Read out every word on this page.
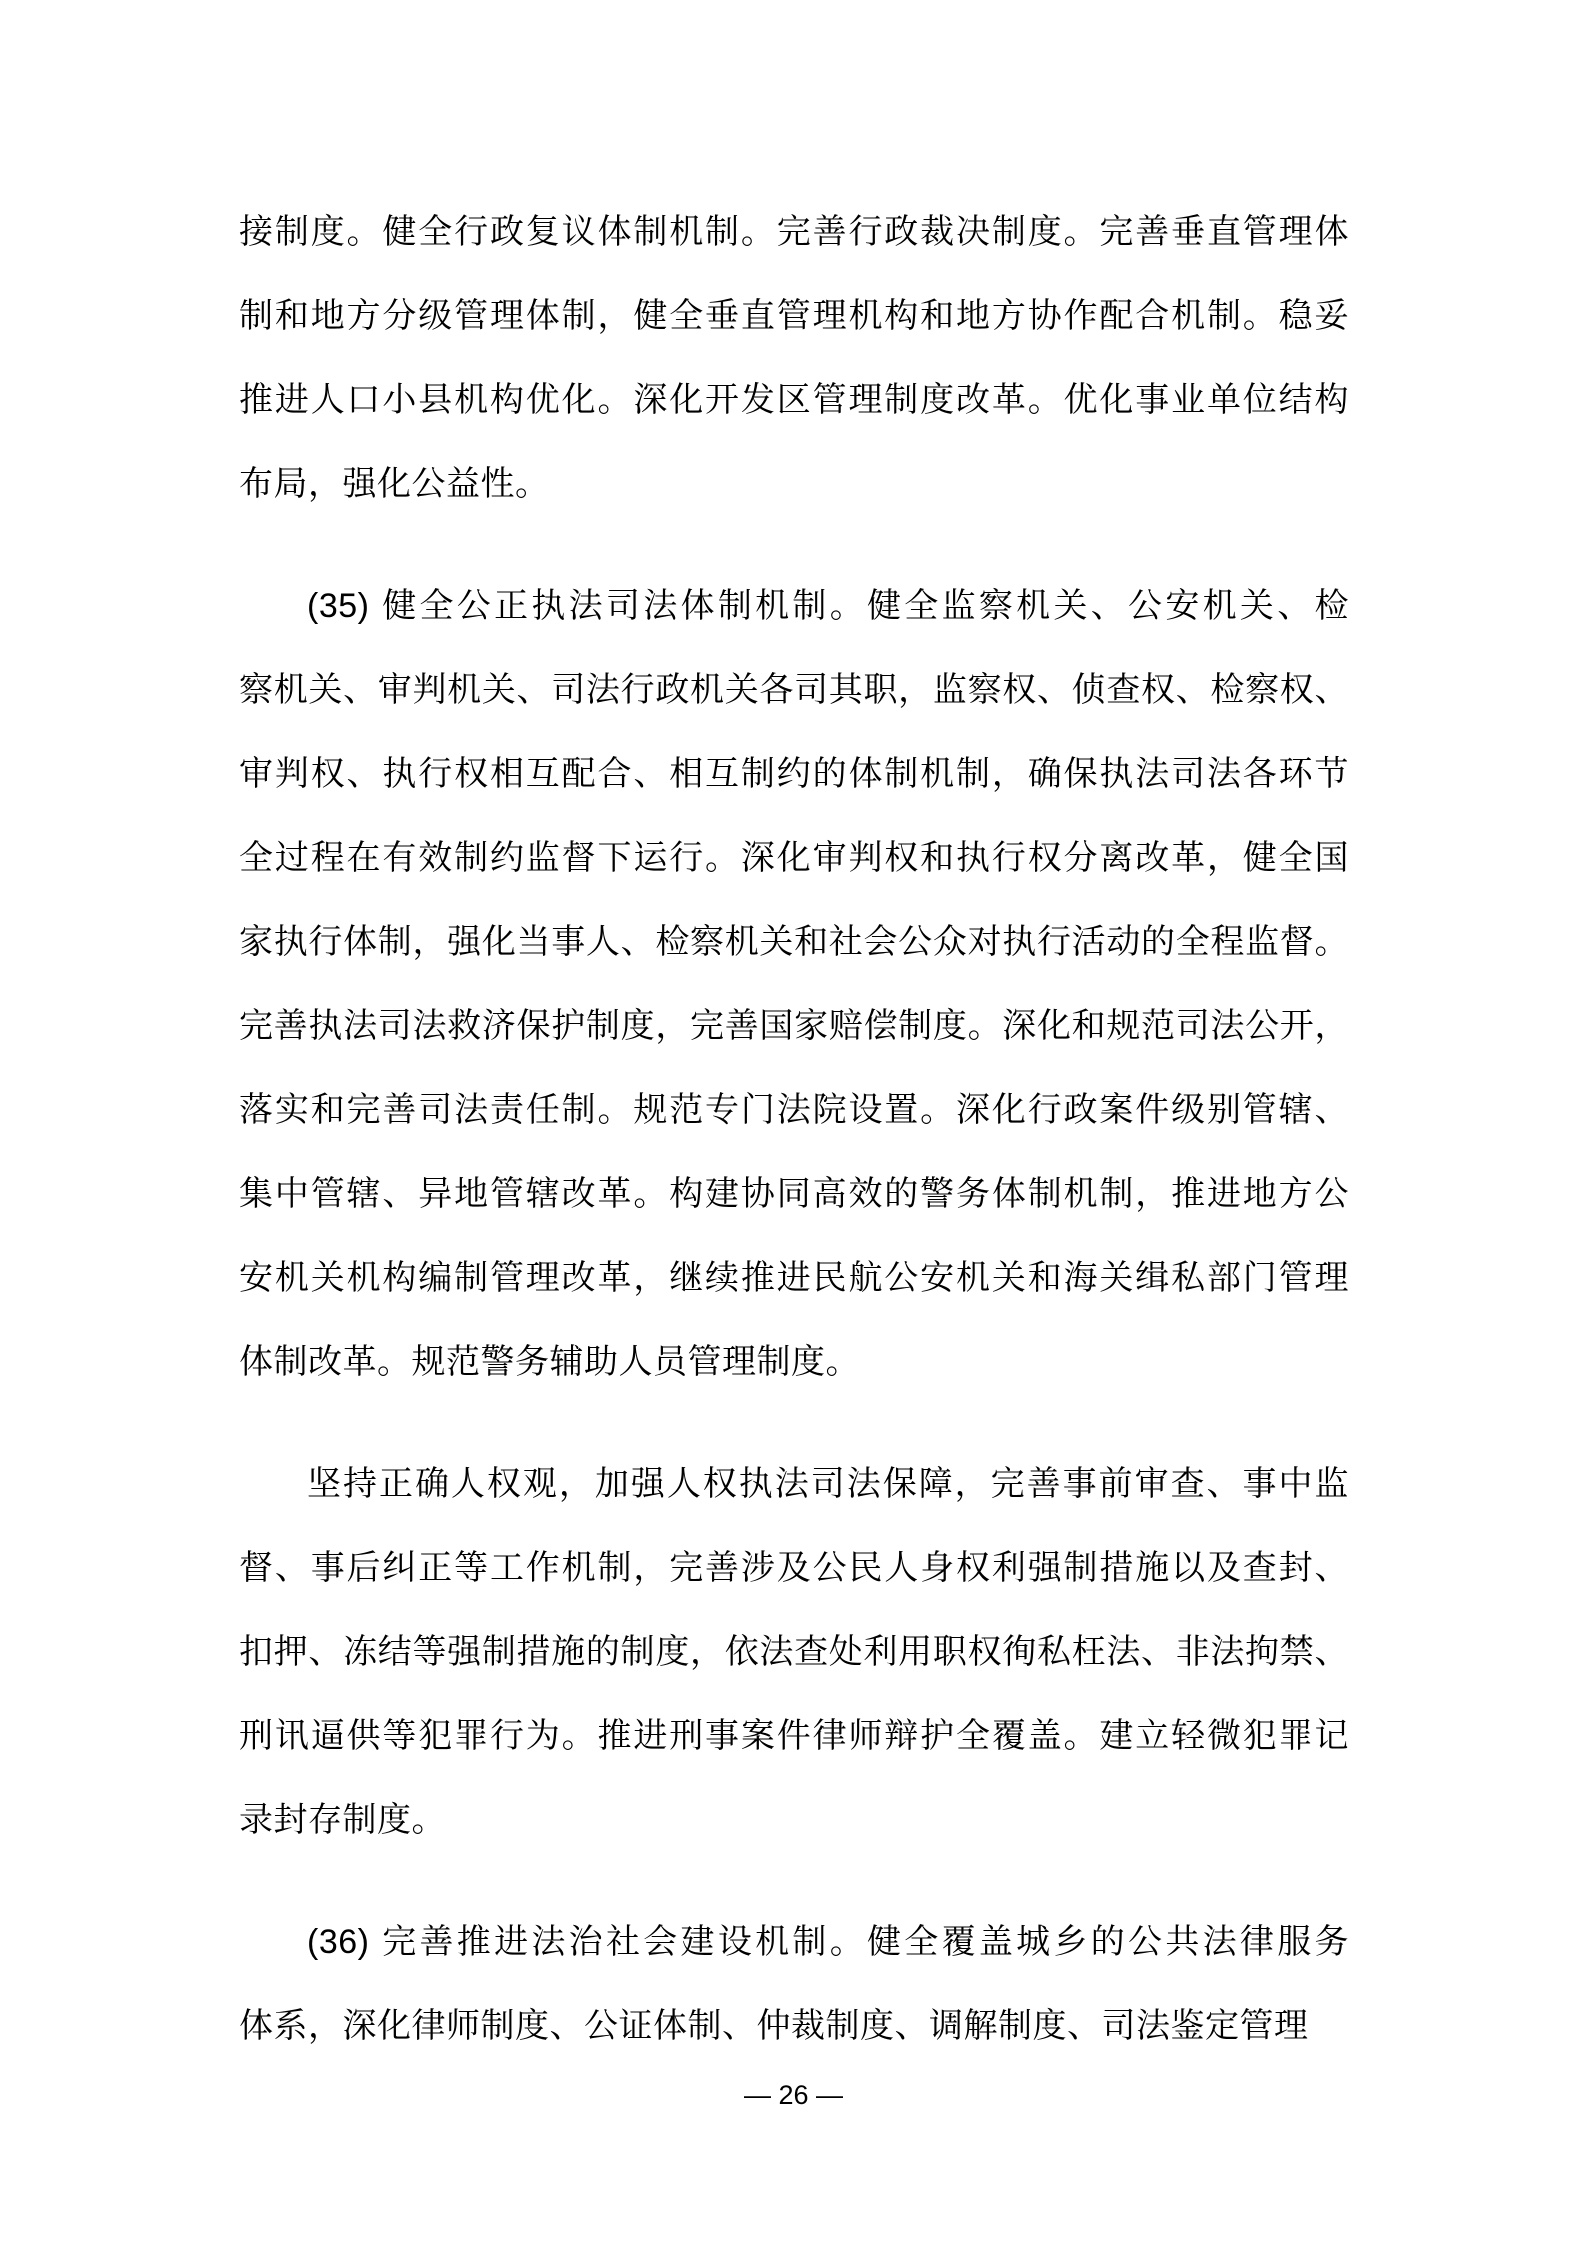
接制度。健全行政复议体制机制。完善行政裁决制度。完善垂直管理体
制和地方分级管理体制，健全垂直管理机构和地方协作配合机制。稳妥
推进人口小县机构优化。深化开发区管理制度改革。优化事业单位结构
布局，强化公益性。
(35) 健全公正执法司法体制机制。健全监察机关、公安机关、检
察机关、审判机关、司法行政机关各司其职，监察权、侦查权、检察权、
审判权、执行权相互配合、相互制约的体制机制，确保执法司法各环节
全过程在有效制约监督下运行。深化审判权和执行权分离改革，健全国
家执行体制，强化当事人、检察机关和社会公众对执行活动的全程监督。
完善执法司法救济保护制度，完善国家赔偿制度。深化和规范司法公开，
落实和完善司法责任制。规范专门法院设置。深化行政案件级别管辖、
集中管辖、异地管辖改革。构建协同高效的警务体制机制，推进地方公
安机关机构编制管理改革，继续推进民航公安机关和海关缉私部门管理
体制改革。规范警务辅助人员管理制度。
坚持正确人权观，加强人权执法司法保障，完善事前审查、事中监
督、事后纠正等工作机制，完善涉及公民人身权利强制措施以及查封、
扣押、冻结等强制措施的制度，依法查处利用职权徇私枉法、非法拘禁、
刑讯逼供等犯罪行为。推进刑事案件律师辩护全覆盖。建立轻微犯罪记
录封存制度。
(36) 完善推进法治社会建设机制。健全覆盖城乡的公共法律服务
体系，深化律师制度、公证体制、仲裁制度、调解制度、司法鉴定管理
— 26 —
